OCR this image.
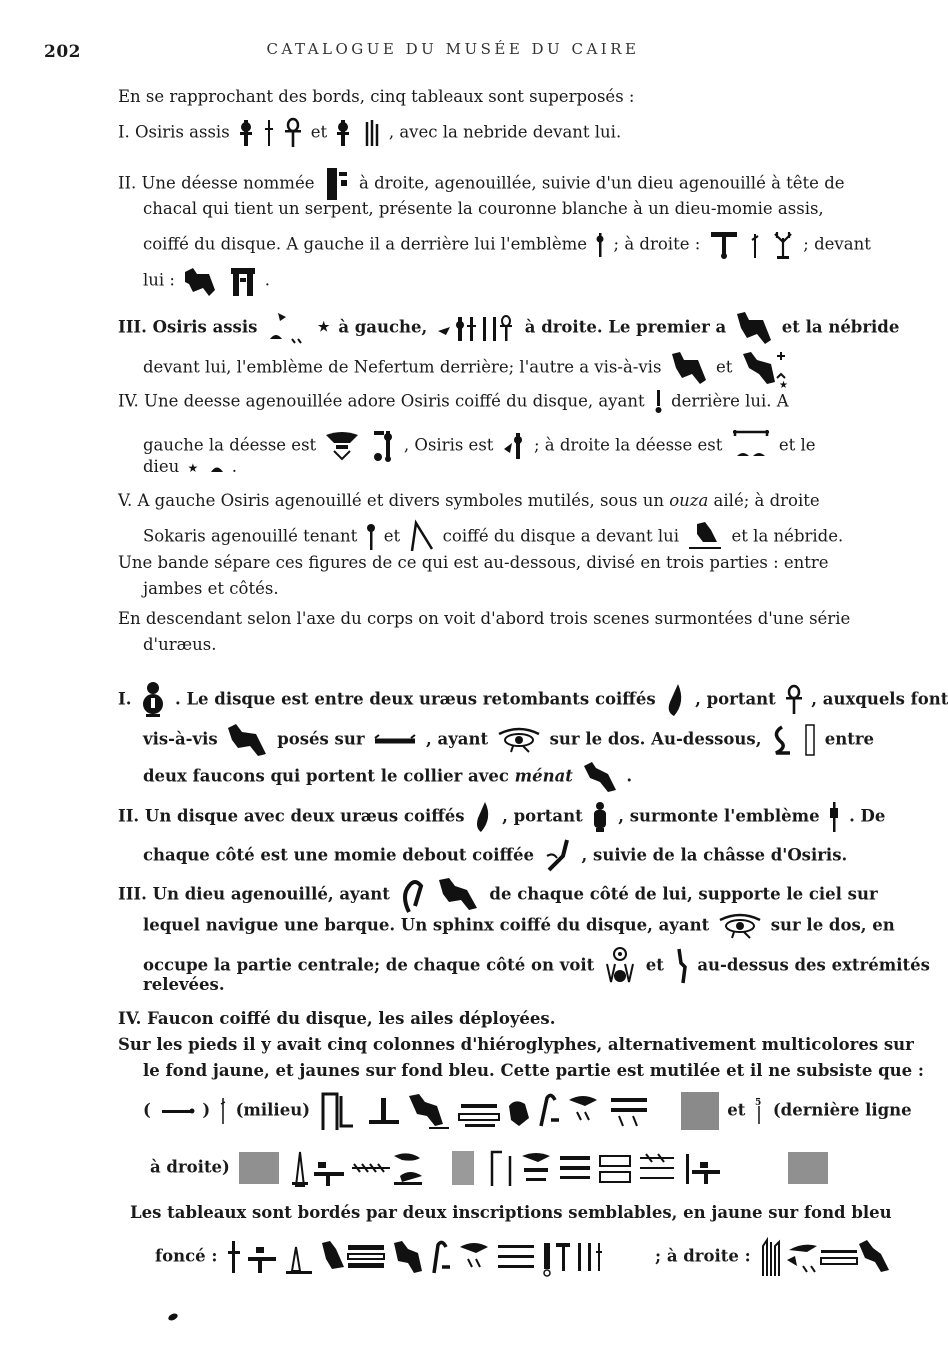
202	CATALOGUE DU MUSÉE DU CAIRE
En se rapprochant des bords, cinq tableaux sont superposés :
I. Osiris assis	et	, avec la nebride devant lui.
II. Une déesse nommée	à droite, agenouillée, suivie d'un dieu agenouillé à tête de
chacal qui tient un serpent, présente la couronne blanche à un dieu-momie assis,
coiffé du disque. A gauche il a derrière lui l'emblème ; à droite :	; devant
lui :	.
III. Osiris assis	★ à gauche,	à droite. Le premier a	et la nébride
devant lui, l'emblème de Nefertum derrière; l'autre a vis-à-vis	et
★
IV. Une deesse agenouillée adore Osiris coiffé du disque, ayant derrière lui. A
gauche la déesse est	, Osiris est ; à droite la déesse est	et le
dieu ★ .
V. A gauche Osiris agenouillé et divers symboles mutilés, sous un ouza ailé; à droite
Sokaris agenouillé tenant et	coiffé du disque a devant lui	et la nébride.
Une bande sépare ces figures de ce qui est au-dessous, divisé en trois parties : entre
jambes et côtés.
En descendant selon l'axe du corps on voit d'abord trois scenes surmontées d'une série
d'uræus.
I.	. Le disque est entre deux uræus retombants coiffés , portant , auxquels font
vis-à-vis	posés sur	, ayant	sur le dos. Au-dessous,	entre
deux faucons qui portent le collier avec ménat	.
II. Un disque avec deux uræus coiffés , portant , surmonte l'emblème . De
chaque côté est une momie debout coiffée	, suivie de la châsse d'Osiris.
III. Un dieu agenouillé, ayant	de chaque côté de lui, supporte le ciel sur
lequel navigue une barque. Un sphinx coiffé du disque, ayant	sur le dos, en
occupe la partie centrale; de chaque côté on voit	et au-dessus des extrémités
relevées.
IV. Faucon coiffé du disque, les ailes déployées.
Sur les pieds il y avait cinq colonnes d'hiéroglyphes, alternativement multicolores sur
le fond jaune, et jaunes sur fond bleu. Cette partie est mutilée et il ne subsiste que :
(	) (milieu)	et 5 (dernière ligne
à droite)
Les tableaux sont bordés par deux inscriptions semblables, en jaune sur fond bleu
foncé :	; à droite :
